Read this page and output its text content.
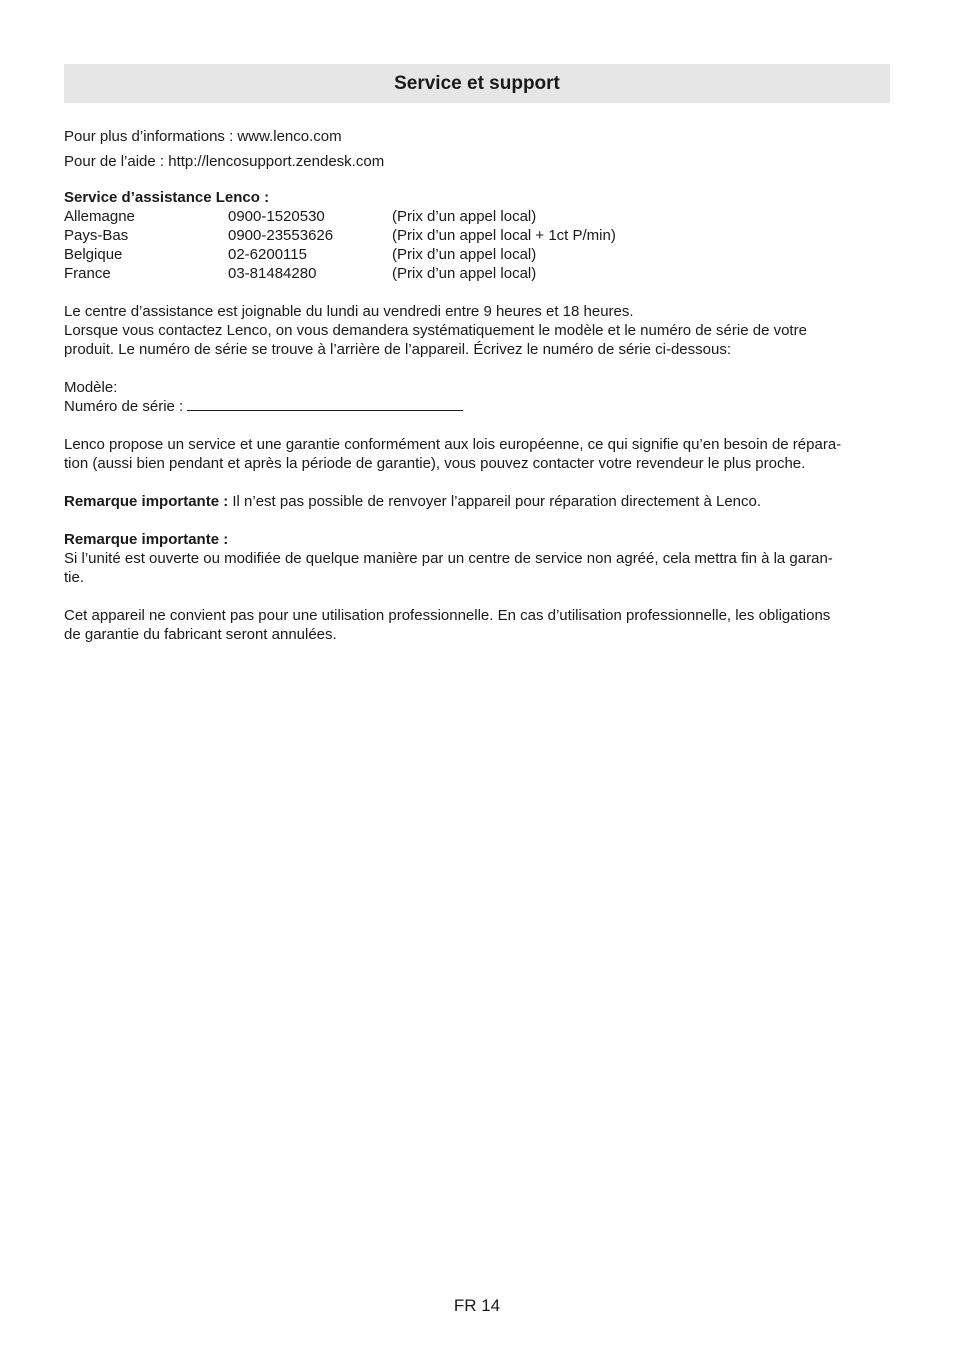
Service et support

Pour plus d’informations : www.lenco.com

Pour de l’aide : http://lencosupport.zendesk.com

Service d’assistance Lenco :

Allemagne	0900-1520530	(Prix d’un appel local)
Pays-Bas	0900-23553626	(Prix d’un appel local + 1ct P/min)
Belgique	02-6200115	(Prix d’un appel local)
France	03-81484280	(Prix d’un appel local)

Le centre d’assistance est joignable du lundi au vendredi entre 9 heures et 18 heures.

Lorsque vous contactez Lenco, on vous demandera systématiquement le modèle et le numéro de série de votre

produit. Le numéro de série se trouve à l’arrière de l’appareil. Écrivez le numéro de série ci-dessous:

Modèle:

Numéro de série :

Lenco propose un service et une garantie conformément aux lois européenne, ce qui signifie qu’en besoin de répara-

tion (aussi bien pendant et après la période de garantie), vous pouvez contacter votre revendeur le plus proche.

Remarque importante : Il n’est pas possible de renvoyer l’appareil pour réparation directement à Lenco.

Remarque importante :

Si l’unité est ouverte ou modifiée de quelque manière par un centre de service non agréé, cela mettra fin à la garan-

tie.

Cet appareil ne convient pas pour une utilisation professionnelle. En cas d’utilisation professionnelle, les obligations

de garantie du fabricant seront annulées.

FR 14
